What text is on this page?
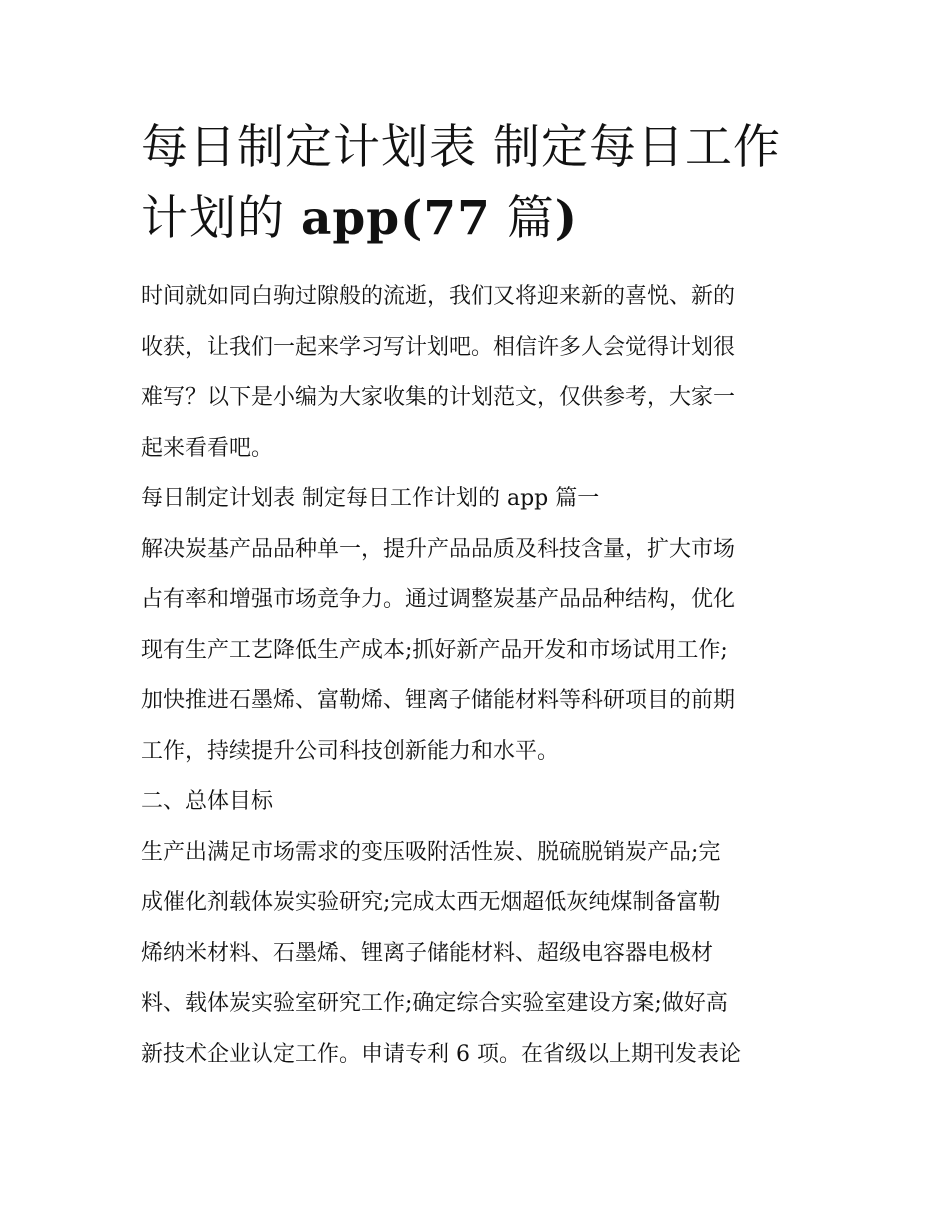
每日制定计划表 制定每日工作
计划的 app(77 篇)

时间就如同白驹过隙般的流逝，我们又将迎来新的喜悦、新的
收获，让我们一起来学习写计划吧。相信许多人会觉得计划很
难写？以下是小编为大家收集的计划范文，仅供参考，大家一
起来看看吧。

每日制定计划表 制定每日工作计划的 app 篇一

解决炭基产品品种单一，提升产品品质及科技含量，扩大市场
占有率和增强市场竞争力。通过调整炭基产品品种结构，优化
现有生产工艺降低生产成本;抓好新产品开发和市场试用工作;
加快推进石墨烯、富勒烯、锂离子储能材料等科研项目的前期
工作，持续提升公司科技创新能力和水平。

二、总体目标

生产出满足市场需求的变压吸附活性炭、脱硫脱销炭产品;完
成催化剂载体炭实验研究;完成太西无烟超低灰纯煤制备富勒
烯纳米材料、石墨烯、锂离子储能材料、超级电容器电极材
料、载体炭实验室研究工作;确定综合实验室建设方案;做好高
新技术企业认定工作。申请专利 6 项。在省级以上期刊发表论
